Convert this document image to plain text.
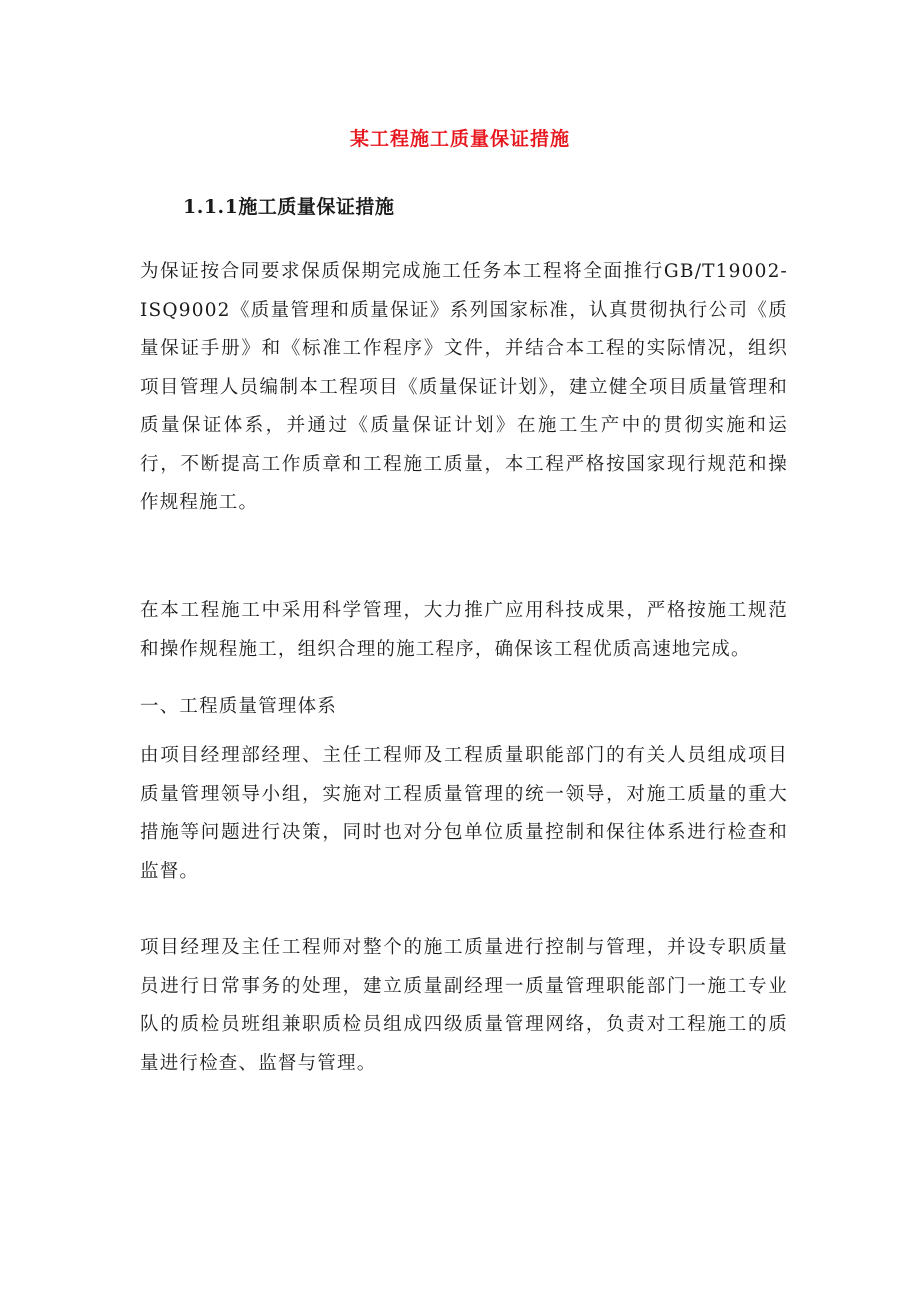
某工程施工质量保证措施
1.1.1施工质量保证措施

为保证按合同要求保质保期完成施工任务本工程将全面推行GB/T19002-ISQ9002《质量管理和质量保证》系列国家标准，认真贯彻执行公司《质量保证手册》和《标准工作程序》文件，并结合本工程的实际情况，组织项目管理人员编制本工程项目《质量保证计划》，建立健全项目质量管理和质量保证体系，并通过《质量保证计划》在施工生产中的贯彻实施和运行，不断提高工作质章和工程施工质量，本工程严格按国家现行规范和操作规程施工。

在本工程施工中采用科学管理，大力推广应用科技成果，严格按施工规范和操作规程施工，组织合理的施工程序，确保该工程优质高速地完成。

一、工程质量管理体系

由项目经理部经理、主任工程师及工程质量职能部门的有关人员组成项目质量管理领导小组，实施对工程质量管理的统一领导，对施工质量的重大措施等问题进行决策，同时也对分包单位质量控制和保往体系进行检查和监督。

项目经理及主任工程师对整个的施工质量进行控制与管理，并设专职质量员进行日常事务的处理，建立质量副经理一质量管理职能部门一施工专业队的质检员班组兼职质检员组成四级质量管理网络，负责对工程施工的质量进行检查、监督与管理。
